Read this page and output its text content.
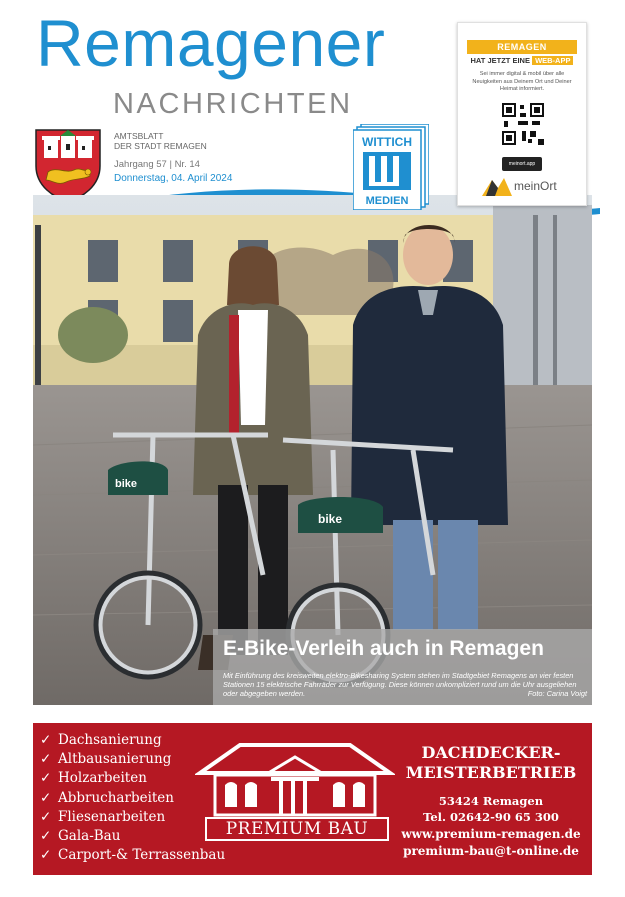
Remagener
NACHRICHTEN
AMTSBLATT
DER STADT REMAGEN
Jahrgang 57 | Nr. 14
Donnerstag, 04. April 2024
bike
bike
WITTICH
MEDIEN
REMAGEN
HAT JETZT EINE WEB-APP
Sei immer digital & mobil über alle Neuigkeiten aus Deinem Ort und Deiner Heimat informiert.
meinort.app
meinOrt
E-Bike-Verleih auch in Remagen
Mit Einführung des kreisweiten elektro-Bikesharing System stehen im Stadtgebiet Remagens an vier festen Stationen 15 elektrische Fahrräder zur Verfügung. Diese können unkompliziert rund um die Uhr ausgeliehen oder abgegeben werden.	Foto: Carina Voigt
✓ Dachsanierung
✓ Altbausanierung
✓ Holzarbeiten
✓ Abbrucharbeiten
✓ Fliesenarbeiten
✓ Gala-Bau
✓ Carport-& Terrassenbau
PREMIUM BAU
DACHDECKER-
MEISTERBETRIEB
53424 Remagen
Tel. 02642-90 65 300
www.premium-remagen.de
premium-bau@t-online.de
